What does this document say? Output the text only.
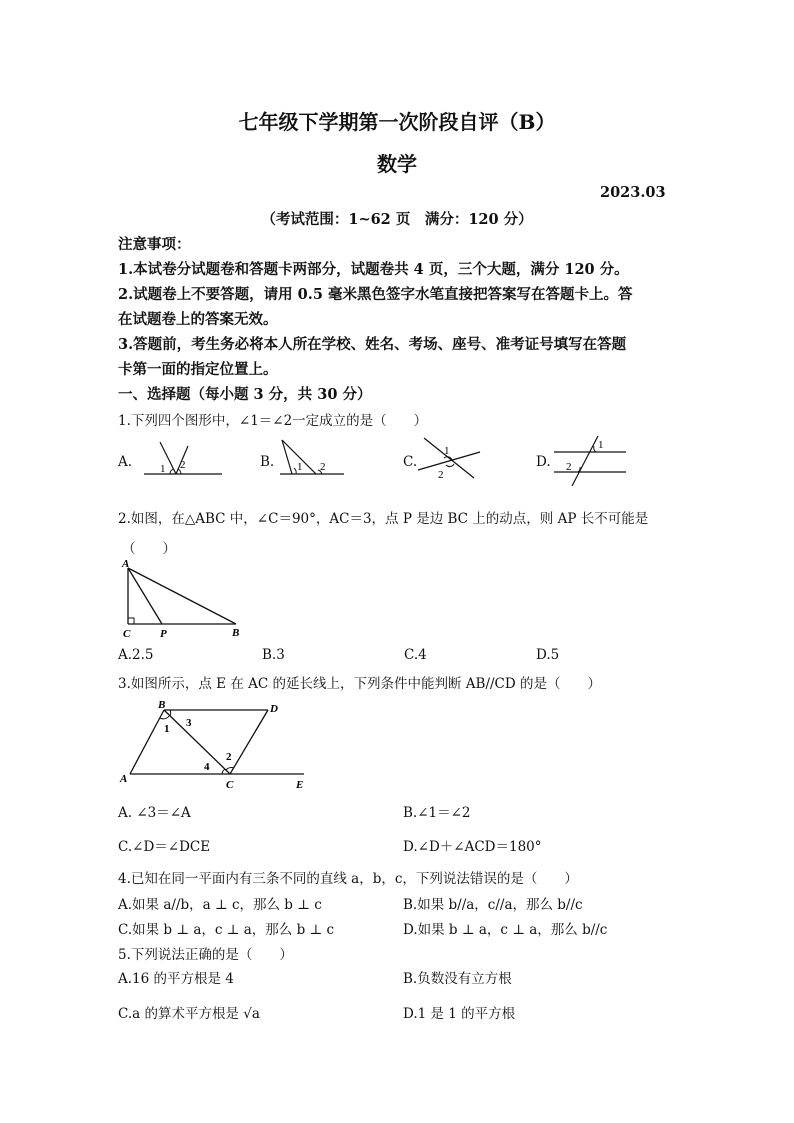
七年级下学期第一次阶段自评（B）
数学
2023.03
（考试范围：1~62 页　满分：120 分）
注意事项：
1.本试卷分试题卷和答题卡两部分，试题卷共 4 页，三个大题，满分 120 分。
2.试题卷上不要答题，请用 0.5 毫米黑色签字水笔直接把答案写在答题卡上。答
在试题卷上的答案无效。
3.答题前，考生务必将本人所在学校、姓名、考场、座号、准考证号填写在答题
卡第一面的指定位置上。
一、选择题（每小题 3 分，共 30 分）
1.下列四个图形中，∠1＝∠2一定成立的是（　　）
A.	1 2	B. 1 2	C.
1
2
D.
1
2
2.如图，在△ABC 中，∠C＝90°，AC＝3，点 P 是边 BC 上的动点，则 AP 长不可能是
（　　）
A
C	P	B
A.2.5	B.3	C.4	D.5
3.如图所示，点 E 在 AC 的延长线上，下列条件中能判断 AB//CD 的是（　　）
B	D
A	C	E
1 3
2
4
A. ∠3＝∠A	B.∠1＝∠2
C.∠D＝∠DCE	D.∠D＋∠ACD＝180°
4.已知在同一平面内有三条不同的直线 a，b，c，下列说法错误的是（　　）
A.如果 a//b，a ⊥ c，那么 b ⊥ c	B.如果 b//a，c//a，那么 b//c
C.如果 b ⊥ a，c ⊥ a，那么 b ⊥ c	D.如果 b ⊥ a，c ⊥ a，那么 b//c
5.下列说法正确的是（　　）
A.16 的平方根是 4	B.负数没有立方根
C.a 的算术平方根是 √a	D.1 是 1 的平方根
